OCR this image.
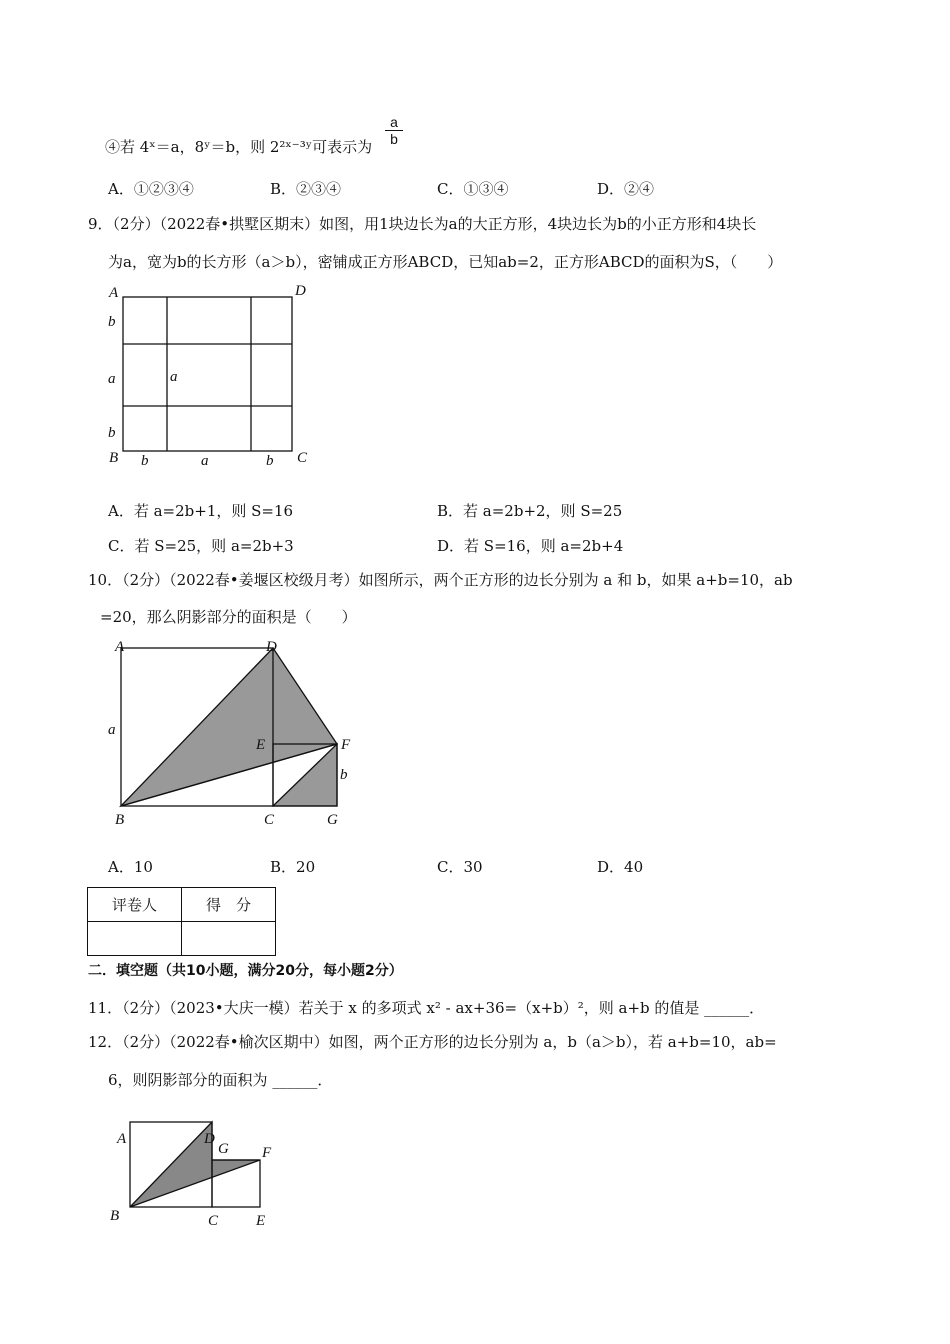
④若 4ˣ＝a，8ʸ＝b，则 2²ˣ⁻³ʸ可表示为 $\frac{a}{b}$
A．①②③④	B．②③④	C．①③④	D．②④
9．（2分）（2022春•拱墅区期末）如图，用1块边长为a的大正方形，4块边长为b的小正方形和4块长
为a，宽为b的长方形（a＞b），密铺成正方形ABCD，已知ab=2，正方形ABCD的面积为S，（　　）
A	D
b
a	a
b
B b	a	b C
A	D
E	F
a
b
B	C	G
A	D
G F
B	C	E
A．若 a=2b+1，则 S=16	B．若 a=2b+2，则 S=25
C．若 S=25，则 a=2b+3	D．若 S=16，则 a=2b+4
10．（2分）（2022春•姜堰区校级月考）如图所示，两个正方形的边长分别为 a 和 b，如果 a+b=10，ab
=20，那么阴影部分的面积是（　　）
A．10	B．20	C．30	D．40
评卷人	得　分

二．填空题（共10小题，满分20分，每小题2分）
11．（2分）（2023•大庆一模）若关于 x 的多项式 x² - ax+36=（x+b）²，则 a+b 的值是 ______．
12．（2分）（2022春•榆次区期中）如图，两个正方形的边长分别为 a，b（a＞b），若 a+b=10，ab=
6，则阴影部分的面积为 ______．
